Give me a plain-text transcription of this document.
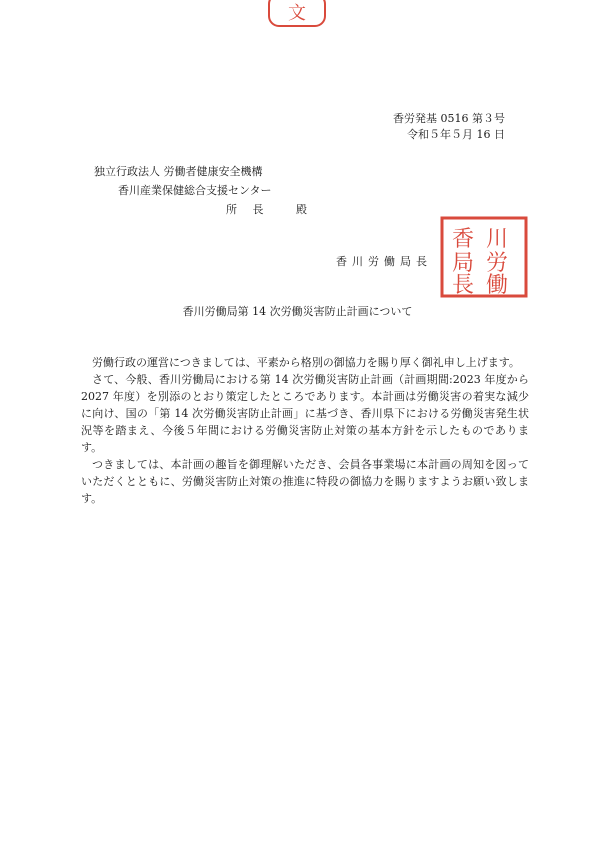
文
香労発基 0516 第３号
令和５年５月 16 日
独立行政法人 労働者健康安全機構
香川産業保健総合支援センター
所 長　 殿
香川労働局長
川
労
働
香
局
長
香川労働局第 14 次労働災害防止計画について

労働行政の運営につきましては、平素から格別の御協力を賜り厚く御礼申し上げます。

さて、今般、香川労働局における第 14 次労働災害防止計画（計画期間:2023 年度から 2027 年度）を別添のとおり策定したところであります。本計画は労働災害の着実な減少に向け、国の「第 14 次労働災害防止計画」に基づき、香川県下における労働災害発生状況等を踏まえ、今後５年間における労働災害防止対策の基本方針を示したものであります。

つきましては、本計画の趣旨を御理解いただき、会員各事業場に本計画の周知を図っていただくとともに、労働災害防止対策の推進に特段の御協力を賜りますようお願い致します。
